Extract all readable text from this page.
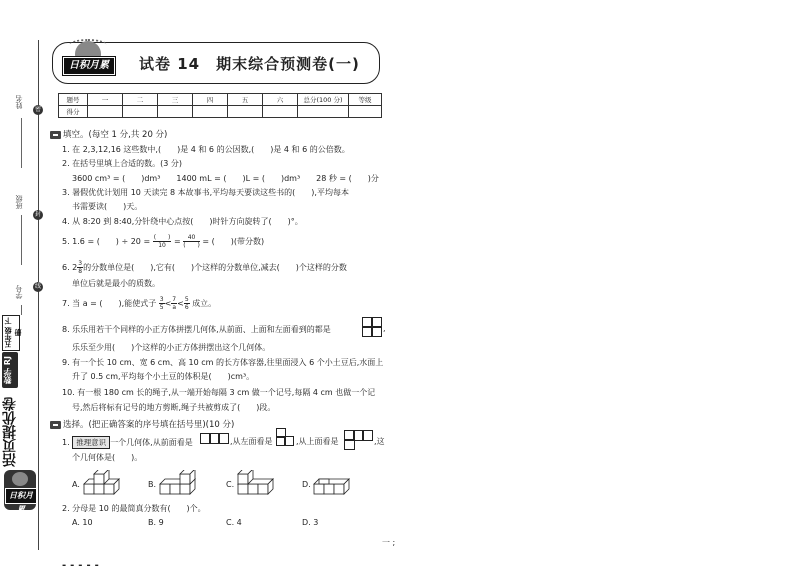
姓名
班级
学号
密
封
线
五年级 下册
数学 RJ
活页提优卷
日积月累
日积月累	试卷 14　期末综合预测卷(一)
题号	一	二	三	四	五	六	总分(100 分)	等级
得分								
填空。(每空 1 分,共 20 分)
1. 在 2,3,12,16 这些数中,(　　)是 4 和 6 的公因数,(　　)是 4 和 6 的公倍数。
2. 在括号里填上合适的数。(3 分)
3600 cm³ = (　　)dm³　　1400 mL = (　　)L = (　　)dm³　　28 秒 = (　　)分
3. 暑假优优计划用 10 天读完 8 本故事书,平均每天要读这些书的(　　),平均每本
书需要读(　　)天。
4. 从 8:20 到 8:40,分针绕中心点按(　　)时针方向旋转了(　　)°。
5. 1.6 = (　　) ÷ $20 = \frac{( )}{10} = \frac{40}{( )}$ = (　　)(带分数)
6. $2 \frac{3}{8}$ 的分数单位是(　　),它有(　　)个这样的分数单位,减去(　　)个这样的分数
单位后就是最小的质数。
7. 当 a = (　　),能使式子 $\frac{3}{5} < \frac{7}{a} < \frac{5}{6}$ 成立。
8. 乐乐用若干个同样的小正方体拼摆几何体,从前面、上面和左面看到的都是	,
乐乐至少用(　　)个这样的小正方体拼摆出这个几何体。
9. 有一个长 10 cm、宽 6 cm、高 10 cm 的长方体容器,往里面浸入 6 个小土豆后,水面上
升了 0.5 cm,平均每个小土豆的体积是(　　)cm³。
10. 有一根 180 cm 长的绳子,从一端开始每隔 3 cm 做一个记号,每隔 4 cm 也做一个记
号,然后将标有记号的地方剪断,绳子共被剪成了(　　)段。
选择。(把正确答案的序号填在括号里)(10 分)
1. 推理意识 一个几何体,从前面看是	,从左面看是	,从上面看是	,这
个几何体是(　　)。
A.	B.	C.	D.
2. 分母是 10 的最简真分数有(　　)个。
A. 10	B. 9	C. 4	D. 3
一 ;
-----
